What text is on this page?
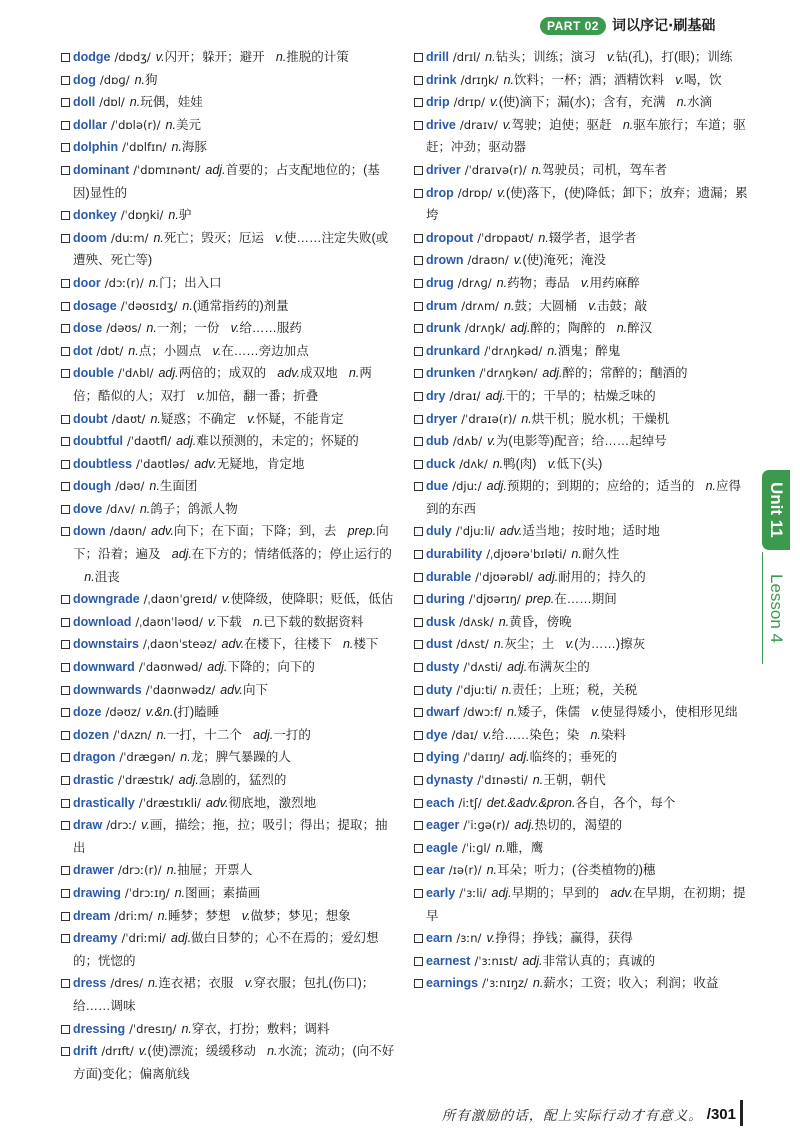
PART 02 词以序记·刷基础
dodge /dɒdʒ/ v.闪开；躲开；避开 n.推脱的计策
dog /dɒɡ/ n.狗
doll /dɒl/ n.玩偶，娃娃
dollar /ˈdɒlə(r)/ n.美元
dolphin /ˈdɒlfɪn/ n.海豚
dominant /ˈdɒmɪnənt/ adj.首要的；占支配地位的；(基因)显性的
donkey /ˈdɒŋki/ n.驴
doom /duːm/ n.死亡；毁灭；厄运 v.使……注定失败(或遭殃、死亡等)
door /dɔː(r)/ n.门；出入口
dosage /ˈdəʊsɪdʒ/ n.(通常指药的)剂量
dose /dəʊs/ n.一剂；一份 v.给……服药
dot /dɒt/ n.点；小圆点 v.在……旁边加点
double /ˈdʌbl/ adj.两倍的；成双的 adv.成双地 n.两倍；酷似的人；双打 v.加倍，翻一番；折叠
doubt /daʊt/ n.疑惑；不确定 v.怀疑，不能肯定
doubtful /ˈdaʊtfl/ adj.难以预测的，未定的；怀疑的
doubtless /ˈdaʊtləs/ adv.无疑地，肯定地
dough /dəʊ/ n.生面团
dove /dʌv/ n.鸽子；鸽派人物
down /daʊn/ adv.向下；在下面；下降；到，去 prep.向下；沿着；遍及 adj.在下方的；情绪低落的；停止运行的n.沮丧
downgrade /ˌdaʊnˈɡreɪd/ v.使降级，使降职；贬低，低估
download /ˌdaʊnˈləʊd/ v.下载 n.已下载的数据资料
downstairs /ˌdaʊnˈsteəz/ adv.在楼下，往楼下 n.楼下
downward /ˈdaʊnwəd/ adj.下降的；向下的
downwards /ˈdaʊnwədz/ adv.向下
doze /dəʊz/ v.&n.(打)瞌睡
dozen /ˈdʌzn/ n.一打，十二个 adj.一打的
dragon /ˈdræɡən/ n.龙；脾气暴躁的人
drastic /ˈdræstɪk/ adj.急剧的，猛烈的
drastically /ˈdræstɪkli/ adv.彻底地，激烈地
draw /drɔː/ v.画，描绘；拖，拉；吸引；得出；提取；抽出
drawer /drɔː(r)/ n.抽屉；开票人
drawing /ˈdrɔːɪŋ/ n.图画；素描画
dream /driːm/ n.睡梦；梦想 v.做梦；梦见；想象
dreamy /ˈdriːmi/ adj.做白日梦的；心不在焉的；爱幻想的；恍惚的
dress /dres/ n.连衣裙；衣服 v.穿衣服；包扎(伤口)；给……调味
dressing /ˈdresɪŋ/ n.穿衣，打扮；敷料；调料
drift /drɪft/ v.(使)漂流；缓缓移动 n.水流；流动；(向不好方面)变化；偏离航线
drill /drɪl/ n.钻头；训练；演习 v.钻(孔)，打(眼)；训练
drink /drɪŋk/ n.饮料；一杯；酒；酒精饮料 v.喝，饮
drip /drɪp/ v.(使)滴下；漏(水)；含有，充满 n.水滴
drive /draɪv/ v.驾驶；迫使；驱赶 n.驱车旅行；车道；驱赶；冲劲；驱动器
driver /ˈdraɪvə(r)/ n.驾驶员；司机，驾车者
drop /drɒp/ v.(使)落下，(使)降低；卸下；放弃；遗漏；累垮
dropout /ˈdrɒpaʊt/ n.辍学者，退学者
drown /draʊn/ v.(使)淹死；淹没
drug /drʌɡ/ n.药物；毒品 v.用药麻醉
drum /drʌm/ n.鼓；大圆桶 v.击鼓；敲
drunk /drʌŋk/ adj.醉的；陶醉的 n.醉汉
drunkard /ˈdrʌŋkəd/ n.酒鬼；醉鬼
drunken /ˈdrʌŋkən/ adj.醉的；常醉的；酗酒的
dry /draɪ/ adj.干的；干旱的；枯燥乏味的
dryer /ˈdraɪə(r)/ n.烘干机；脱水机；干燥机
dub /dʌb/ v.为(电影等)配音；给……起绰号
duck /dʌk/ n.鸭(肉) v.低下(头)
due /djuː/ adj.预期的；到期的；应给的；适当的 n.应得到的东西
duly /ˈdjuːli/ adv.适当地；按时地；适时地
durability /ˌdjʊərəˈbɪləti/ n.耐久性
durable /ˈdjʊərəbl/ adj.耐用的；持久的
during /ˈdjʊərɪŋ/ prep.在……期间
dusk /dʌsk/ n.黄昏，傍晚
dust /dʌst/ n.灰尘；土 v.(为……)擦灰
dusty /ˈdʌsti/ adj.布满灰尘的
duty /ˈdjuːti/ n.责任；上班；税，关税
dwarf /dwɔːf/ n.矮子，侏儒 v.使显得矮小，使相形见绌
dye /daɪ/ v.给……染色；染 n.染料
dying /ˈdaɪɪŋ/ adj.临终的；垂死的
dynasty /ˈdɪnəsti/ n.王朝，朝代
each /iːtʃ/ det.&adv.&pron.各自，各个，每个
eager /ˈiːɡə(r)/ adj.热切的，渴望的
eagle /ˈiːɡl/ n.雕，鹰
ear /ɪə(r)/ n.耳朵；听力；(谷类植物的)穗
early /ˈɜːli/ adj.早期的；早到的 adv.在早期，在初期；提早
earn /ɜːn/ v.挣得；挣钱；赢得，获得
earnest /ˈɜːnɪst/ adj.非常认真的；真诚的
earnings /ˈɜːnɪŋz/ n.薪水；工资；收入；利润；收益
Unit 11
Lesson 4
所有激励的话，配上实际行动才有意义。 /301
